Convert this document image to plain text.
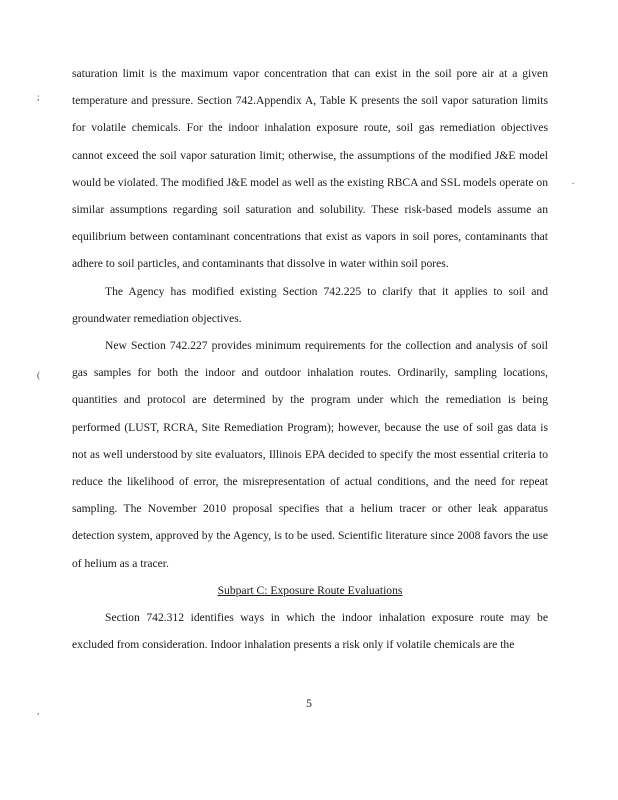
;
(
,
.

saturation limit is the maximum vapor concentration that can exist in the soil pore air at a given temperature and pressure. Section 742.Appendix A, Table K presents the soil vapor saturation limits for volatile chemicals. For the indoor inhalation exposure route, soil gas remediation objectives cannot exceed the soil vapor saturation limit; otherwise, the assumptions of the modified J&E model would be violated. The modified J&E model as well as the existing RBCA and SSL models operate on similar assumptions regarding soil saturation and solubility. These risk-based models assume an equilibrium between contaminant concentrations that exist as vapors in soil pores, contaminants that adhere to soil particles, and contaminants that dissolve in water within soil pores.

The Agency has modified existing Section 742.225 to clarify that it applies to soil and groundwater remediation objectives.

New Section 742.227 provides minimum requirements for the collection and analysis of soil gas samples for both the indoor and outdoor inhalation routes. Ordinarily, sampling locations, quantities and protocol are determined by the program under which the remediation is being performed (LUST, RCRA, Site Remediation Program); however, because the use of soil gas data is not as well understood by site evaluators, Illinois EPA decided to specify the most essential criteria to reduce the likelihood of error, the misrepresentation of actual conditions, and the need for repeat sampling. The November 2010 proposal specifies that a helium tracer or other leak apparatus detection system, approved by the Agency, is to be used. Scientific literature since 2008 favors the use of helium as a tracer.

Subpart C: Exposure Route Evaluations

Section 742.312 identifies ways in which the indoor inhalation exposure route may be excluded from consideration. Indoor inhalation presents a risk only if volatile chemicals are the

5
